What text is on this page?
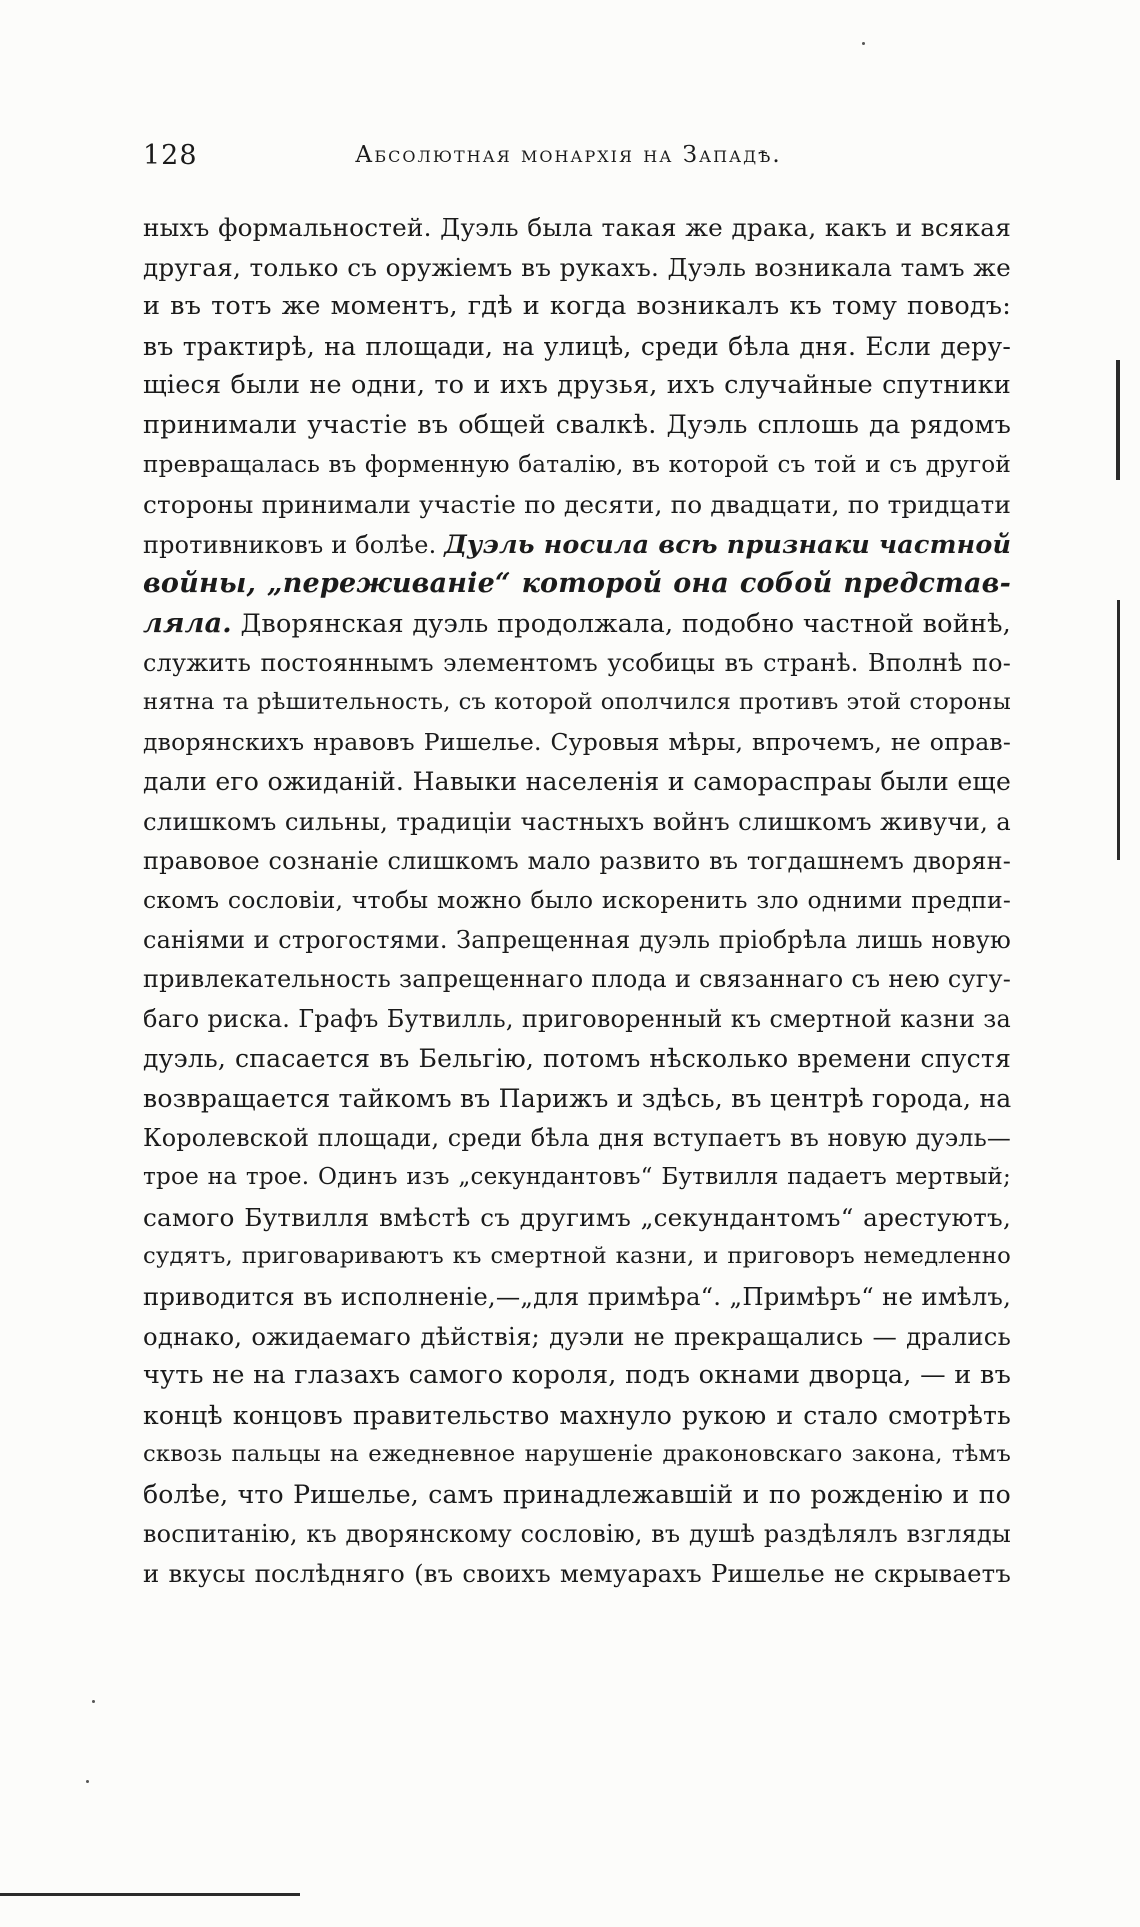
128	Абсолютная монархія на Западѣ.
ныхъ формальностей. Дуэль была такая же драка, какъ и всякая
другая, только съ оружіемъ въ рукахъ. Дуэль возникала тамъ же
и въ тотъ же моментъ, гдѣ и когда возникалъ къ тому поводъ:
въ трактирѣ, на площади, на улицѣ, среди бѣла дня. Если деру-
щіеся были не одни, то и ихъ друзья, ихъ случайные спутники
принимали участіе въ общей свалкѣ. Дуэль сплошь да рядомъ
превращалась въ форменную баталію, въ которой съ той и съ другой
стороны принимали участіе по десяти, по двадцати, по тридцати
противниковъ и болѣе. Дуэль носила всѣ признаки частной
войны, „переживаніе“ которой она собой представ-
ляла. Дворянская дуэль продолжала, подобно частной войнѣ,
служить постояннымъ элементомъ усобицы въ странѣ. Вполнѣ по-
нятна та рѣшительность, съ которой ополчился противъ этой стороны
дворянскихъ нравовъ Ришелье. Суровыя мѣры, впрочемъ, не оправ-
дали его ожиданій. Навыки населенія и самораспраы были еще
слишкомъ сильны, традиціи частныхъ войнъ слишкомъ живучи, а
правовое сознаніе слишкомъ мало развито въ тогдашнемъ дворян-
скомъ сословіи, чтобы можно было искоренить зло одними предпи-
саніями и строгостями. Запрещенная дуэль пріобрѣла лишь новую
привлекательность запрещеннаго плода и связаннаго съ нею сугу-
баго риска. Графъ Бутвилль, приговоренный къ смертной казни за
дуэль, спасается въ Бельгію, потомъ нѣсколько времени спустя
возвращается тайкомъ въ Парижъ и здѣсь, въ центрѣ города, на
Королевской площади, среди бѣла дня вступаетъ въ новую дуэль—
трое на трое. Одинъ изъ „секундантовъ“ Бутвилля падаетъ мертвый;
самого Бутвилля вмѣстѣ съ другимъ „секундантомъ“ арестуютъ,
судятъ, приговариваютъ къ смертной казни, и приговоръ немедленно
приводится въ исполненіе,—„для примѣра“. „Примѣръ“ не имѣлъ,
однако, ожидаемаго дѣйствія; дуэли не прекращались — дрались
чуть не на глазахъ самого короля, подъ окнами дворца, — и въ
концѣ концовъ правительство махнуло рукою и стало смотрѣть
сквозь пальцы на ежедневное нарушеніе драконовскаго закона, тѣмъ
болѣе, что Ришелье, самъ принадлежавшій и по рожденію и по
воспитанію, къ дворянскому сословію, въ душѣ раздѣлялъ взгляды
и вкусы послѣдняго (въ своихъ мемуарахъ Ришелье не скрываетъ
